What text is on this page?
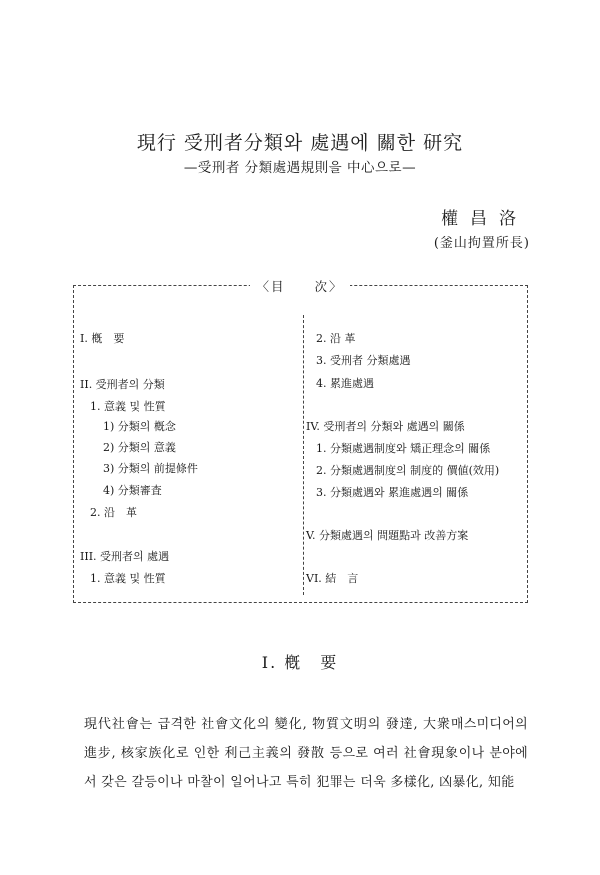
現行 受刑者分類와 處遇에 關한 研究
—受刑者 分類處遇規則을 中心으로—
權昌洛
(釜山拘置所長)
〈目　　次〉
I. 槪　要
II. 受刑者의 分類
1. 意義 및 性質
1) 分類의 槪念
2) 分類의 意義
3) 分類의 前提條件
4) 分類審査
2. 沿　革
III. 受刑者의 處遇
1. 意義 및 性質
2. 沿 革
3. 受刑者 分類處遇
4. 累進處遇
IV. 受刑者의 分類와 處遇의 關係
1. 分類處遇制度와 矯正理念의 關係
2. 分類處遇制度의 制度的 價値(效用)
3. 分類處遇와 累進處遇의 關係
V. 分類處遇의 問題點과 改善方案
VI. 結　言
I. 槪　要
現代社會는 급격한 社會文化의 變化, 物質文明의 發達, 大衆매스미디어의 進步, 核家族化로 인한 利己主義의 發散 등으로 여러 社會現象이나 분야에서 갖은 갈등이나 마찰이 일어나고 특히 犯罪는 더욱 多樣化, 凶暴化, 知能
